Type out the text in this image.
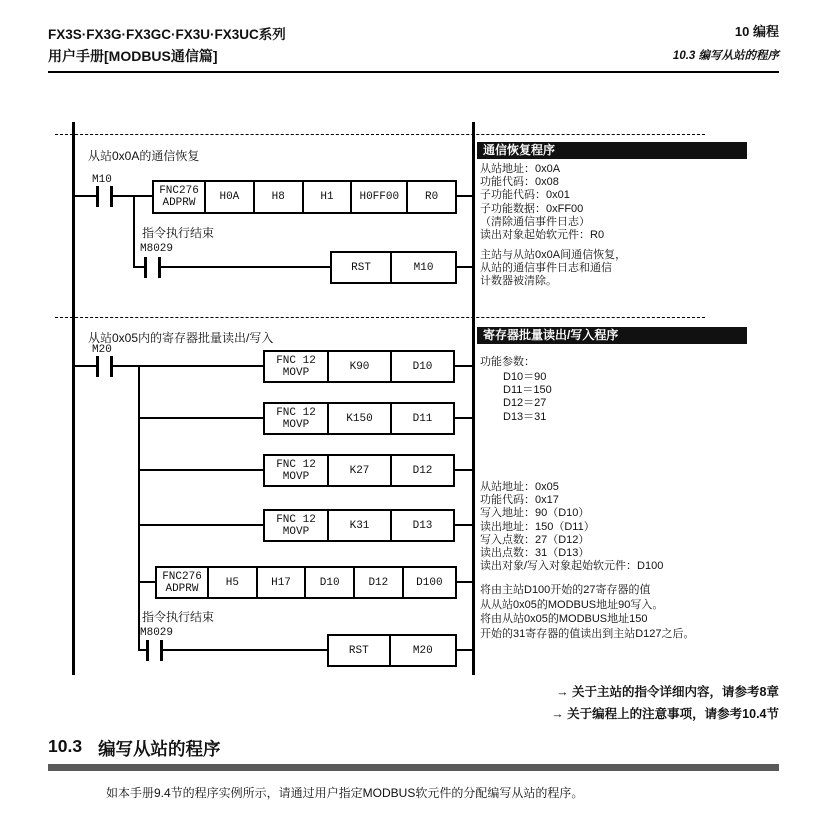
FX3S·FX3G·FX3GC·FX3U·FX3UC系列
用户手册[MODBUS通信篇]
10 编程
10.3 编写从站的程序
从站0x0A的通信恢复
M10
FNC276
ADPRW	H0A	H8	H1	H0FF00	R0
指令执行结束
M8029
RST	M10
从站0x05内的寄存器批量读出/写入
M20
FNC 12
MOVP	K90	D10
FNC 12
MOVP	K150	D11
FNC 12
MOVP	K27	D12
FNC 12
MOVP	K31	D13
FNC276
ADPRW	H5	H17	D10	D12	D100
指令执行结束
M8029
RST	M20
通信恢复程序
从站地址：0x0A
功能代码：0x08
子功能代码：0x01
子功能数据：0xFF00
（清除通信事件日志）
读出对象起始软元件：R0
主站与从站0x0A间通信恢复，
从站的通信事件日志和通信
计数器被清除。
寄存器批量读出/写入程序
功能参数：
D10＝90
D11＝150
D12＝27
D13＝31
从站地址：0x05
功能代码：0x17
写入地址：90（D10）
读出地址：150（D11）
写入点数：27（D12）
读出点数：31（D13）
读出对象/写入对象起始软元件：D100
将由主站D100开始的27寄存器的值
从从站0x05的MODBUS地址90写入。
将由从站0x05的MODBUS地址150
开始的31寄存器的值读出到主站D127之后。
→ 关于主站的指令详细内容，请参考8章
→ 关于编程上的注意事项，请参考10.4节
10.3 编写从站的程序
如本手册9.4节的程序实例所示，请通过用户指定MODBUS软元件的分配编写从站的程序。
